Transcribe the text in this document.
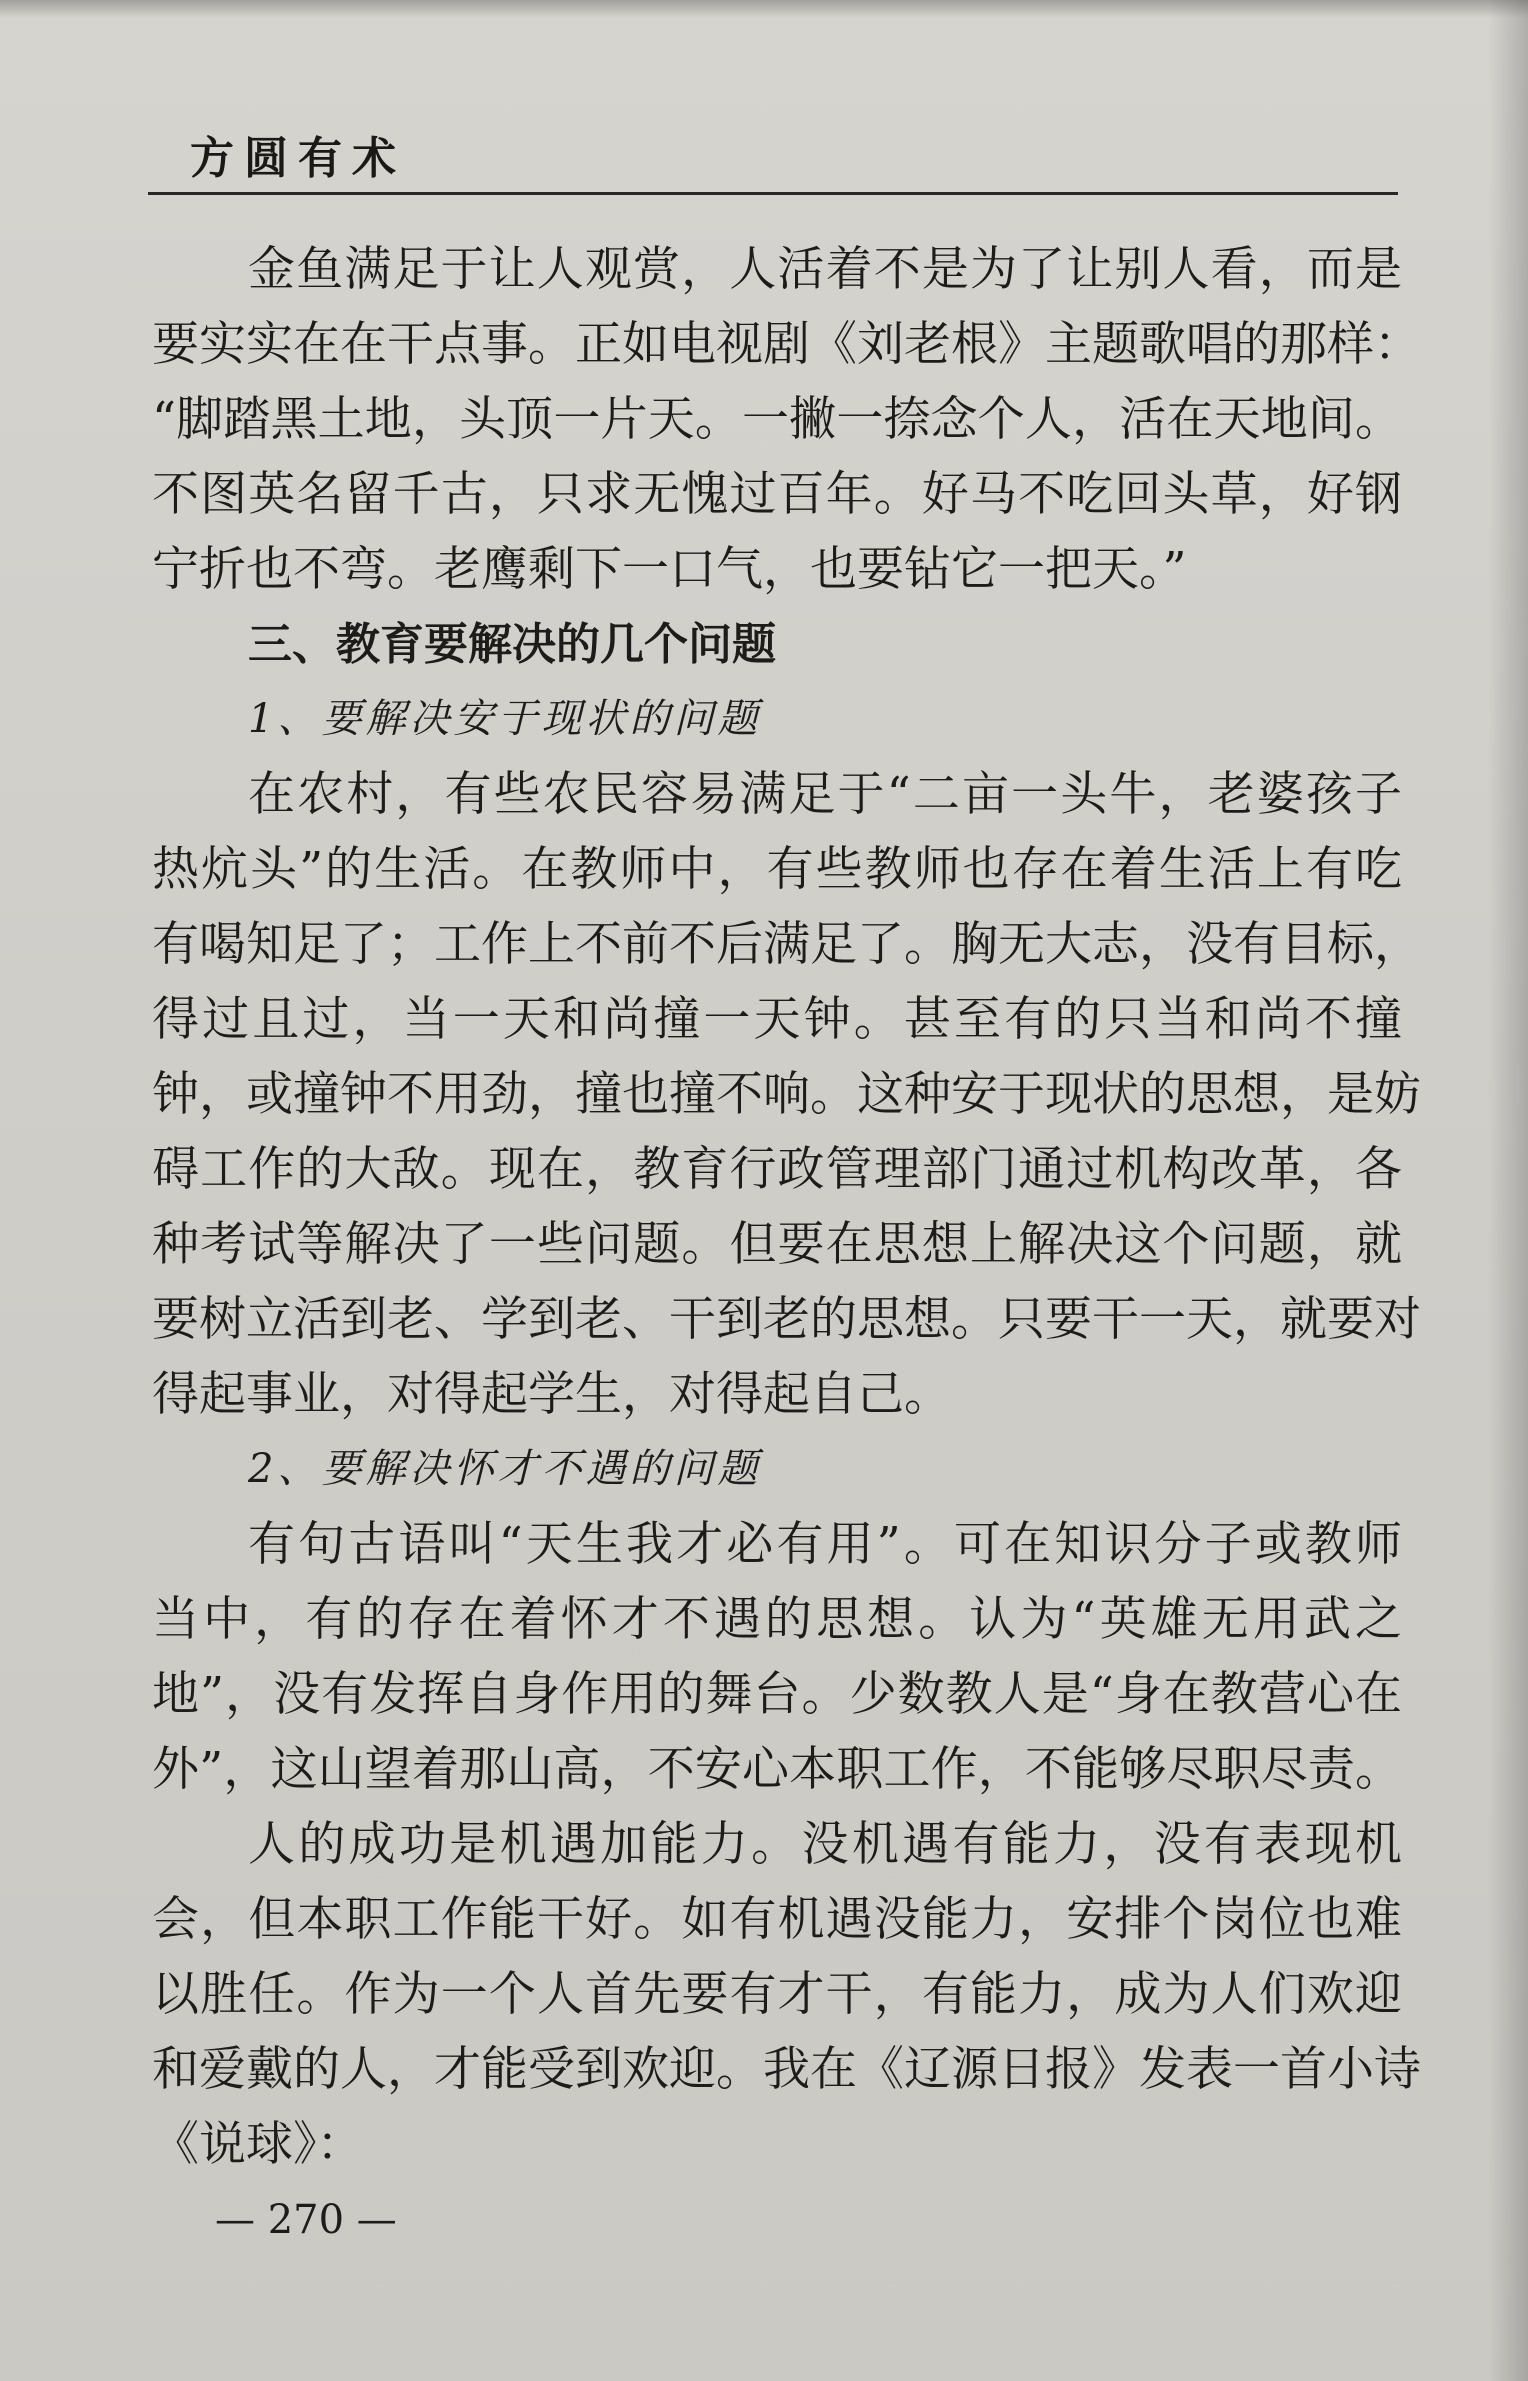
方圆有术
金鱼满足于让人观赏，人活着不是为了让别人看，而是
要实实在在干点事。正如电视剧《刘老根》主题歌唱的那样：
“脚踏黑土地，头顶一片天。一撇一捺念个人，活在天地间。
不图英名留千古，只求无愧过百年。好马不吃回头草，好钢
宁折也不弯。老鹰剩下一口气，也要钻它一把天。”
三、教育要解决的几个问题
1、要解决安于现状的问题
在农村，有些农民容易满足于“二亩一头牛，老婆孩子
热炕头”的生活。在教师中，有些教师也存在着生活上有吃
有喝知足了；工作上不前不后满足了。胸无大志，没有目标，
得过且过，当一天和尚撞一天钟。甚至有的只当和尚不撞
钟，或撞钟不用劲，撞也撞不响。这种安于现状的思想，是妨
碍工作的大敌。现在，教育行政管理部门通过机构改革，各
种考试等解决了一些问题。但要在思想上解决这个问题，就
要树立活到老、学到老、干到老的思想。只要干一天，就要对
得起事业，对得起学生，对得起自己。
2、要解决怀才不遇的问题
有句古语叫“天生我才必有用”。可在知识分子或教师
当中，有的存在着怀才不遇的思想。认为“英雄无用武之
地”，没有发挥自身作用的舞台。少数教人是“身在教营心在
外”，这山望着那山高，不安心本职工作，不能够尽职尽责。
人的成功是机遇加能力。没机遇有能力，没有表现机
会，但本职工作能干好。如有机遇没能力，安排个岗位也难
以胜任。作为一个人首先要有才干，有能力，成为人们欢迎
和爱戴的人，才能受到欢迎。我在《辽源日报》发表一首小诗
《说球》：
— 270 —
